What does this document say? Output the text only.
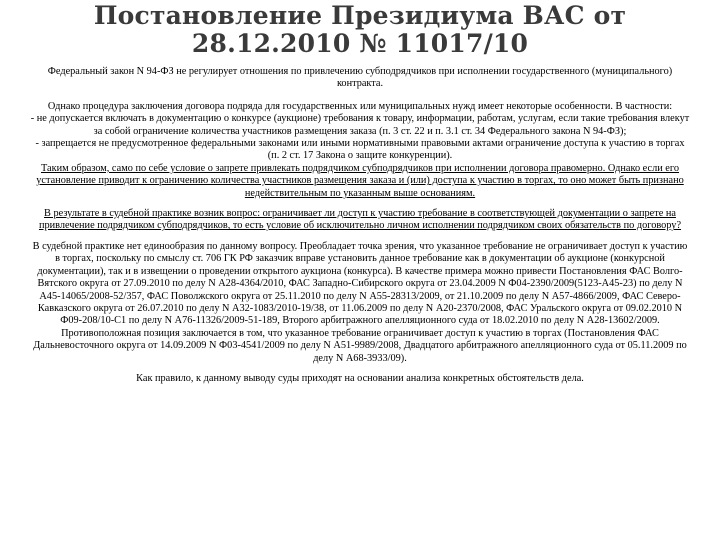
Постановление Президиума ВАС от 28.12.2010 № 11017/10

Федеральный закон N 94-ФЗ не регулирует отношения по привлечению субподрядчиков при исполнении государственного (муниципального) контракта.

Однако процедура заключения договора подряда для государственных или муниципальных нужд имеет некоторые особенности. В частности:

- не допускается включать в документацию о конкурсе (аукционе) требования к товару, информации, работам, услугам, если такие требования влекут за собой ограничение количества участников размещения заказа (п. 3 ст. 22 и п. 3.1 ст. 34 Федерального закона N 94-ФЗ);

- запрещается не предусмотренное федеральными законами или иными нормативными правовыми актами ограничение доступа к участию в торгах (п. 2 ст. 17 Закона о защите конкуренции).

Таким образом, само по себе условие о запрете привлекать подрядчиком субподрядчиков при исполнении договора правомерно. Однако если его установление приводит к ограничению количества участников размещения заказа и (или) доступа к участию в торгах, то оно может быть признано недействительным по указанным выше основаниям.

В результате в судебной практике возник вопрос: ограничивает ли доступ к участию требование в соответствующей документации о запрете на привлечение подрядчиком субподрядчиков, то есть условие об исключительно личном исполнении подрядчиком своих обязательств по договору?

В судебной практике нет единообразия по данному вопросу. Преобладает точка зрения, что указанное требование не ограничивает доступ к участию в торгах, поскольку по смыслу ст. 706 ГК РФ заказчик вправе установить данное требование как в документации об аукционе (конкурсной документации), так и в извещении о проведении открытого аукциона (конкурса). В качестве примера можно привести Постановления ФАС Волго-Вятского округа от 27.09.2010 по делу N А28-4364/2010, ФАС Западно-Сибирского округа от 23.04.2009 N Ф04-2390/2009(5123-А45-23) по делу N А45-14065/2008-52/357, ФАС Поволжского округа от 25.11.2010 по делу N А55-28313/2009, от 21.10.2009 по делу N А57-4866/2009, ФАС Северо-Кавказского округа от 26.07.2010 по делу N А32-1083/2010-19/38, от 11.06.2009 по делу N А20-2370/2008, ФАС Уральского округа от 09.02.2010 N Ф09-208/10-С1 по делу N А76-11326/2009-51-189, Второго арбитражного апелляционного суда от 18.02.2010 по делу N А28-13602/2009.

Противоположная позиция заключается в том, что указанное требование ограничивает доступ к участию в торгах (Постановления ФАС Дальневосточного округа от 14.09.2009 N Ф03-4541/2009 по делу N А51-9989/2008, Двадцатого арбитражного апелляционного суда от 05.11.2009 по делу N А68-3933/09).

Как правило, к данному выводу суды приходят на основании анализа конкретных обстоятельств дела.
